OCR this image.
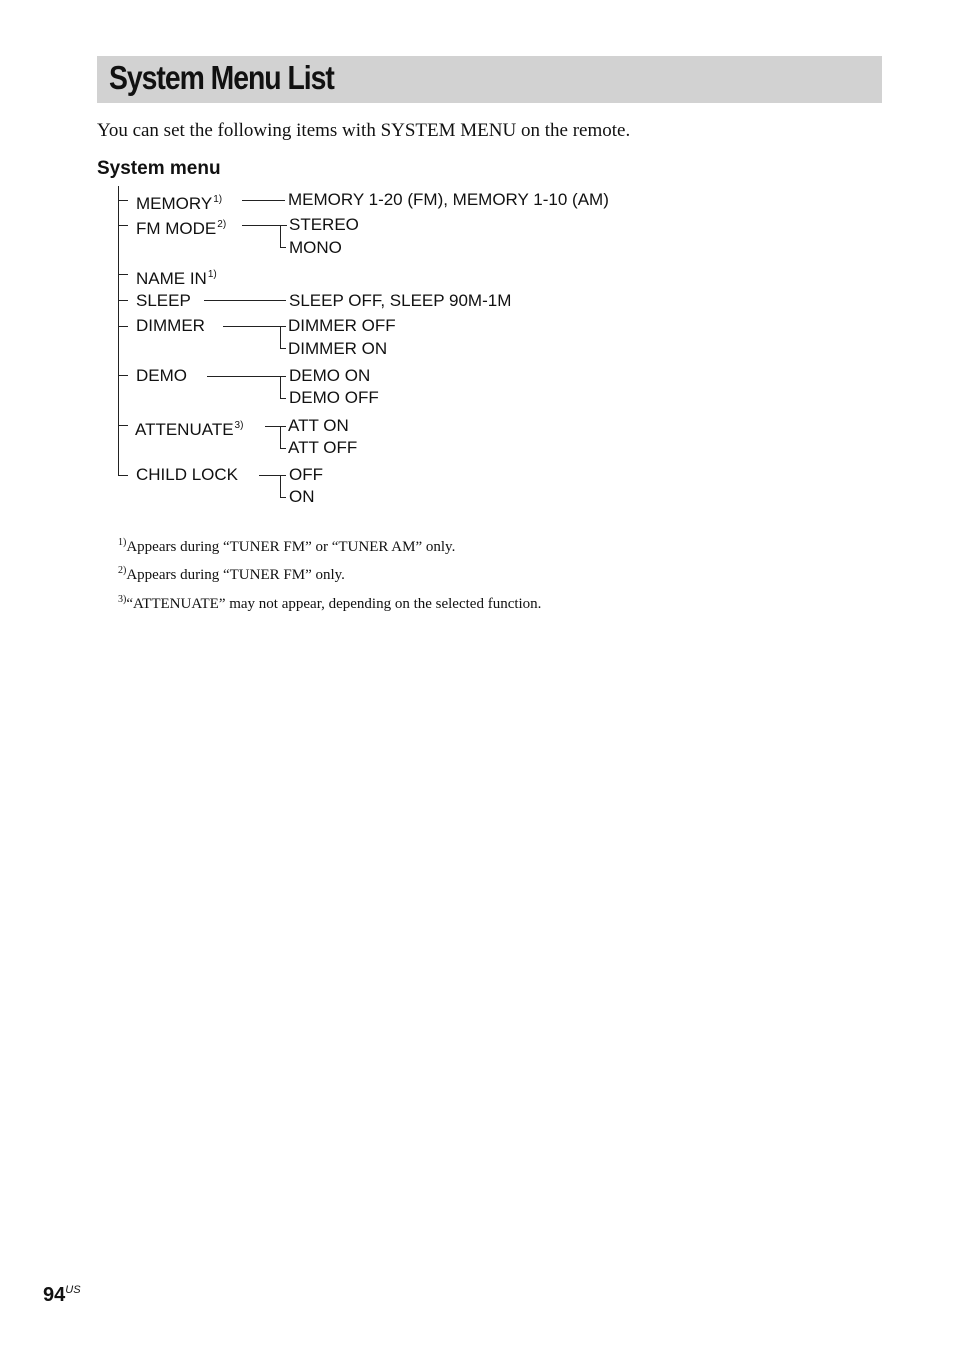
System Menu List
You can set the following items with SYSTEM MENU on the remote.
System menu
MEMORY$^{1)}$	MEMORY 1-20 (FM), MEMORY 1-10 (AM)
FM MODE$^{2)}$	STEREO
MONO
NAME IN$^{1)}$
SLEEP	SLEEP OFF, SLEEP 90M-1M
DIMMER	DIMMER OFF
DIMMER ON
DEMO	DEMO ON
DEMO OFF
ATTENUATE$^{3)}$	ATT ON
ATT OFF
CHILD LOCK	OFF
ON
$^{1)}$Appears during “TUNER FM” or “TUNER AM” only.
$^{2)}$Appears during “TUNER FM” only.
$^{3)}$“ATTENUATE” may not appear, depending on the selected function.
$94^{US}$
